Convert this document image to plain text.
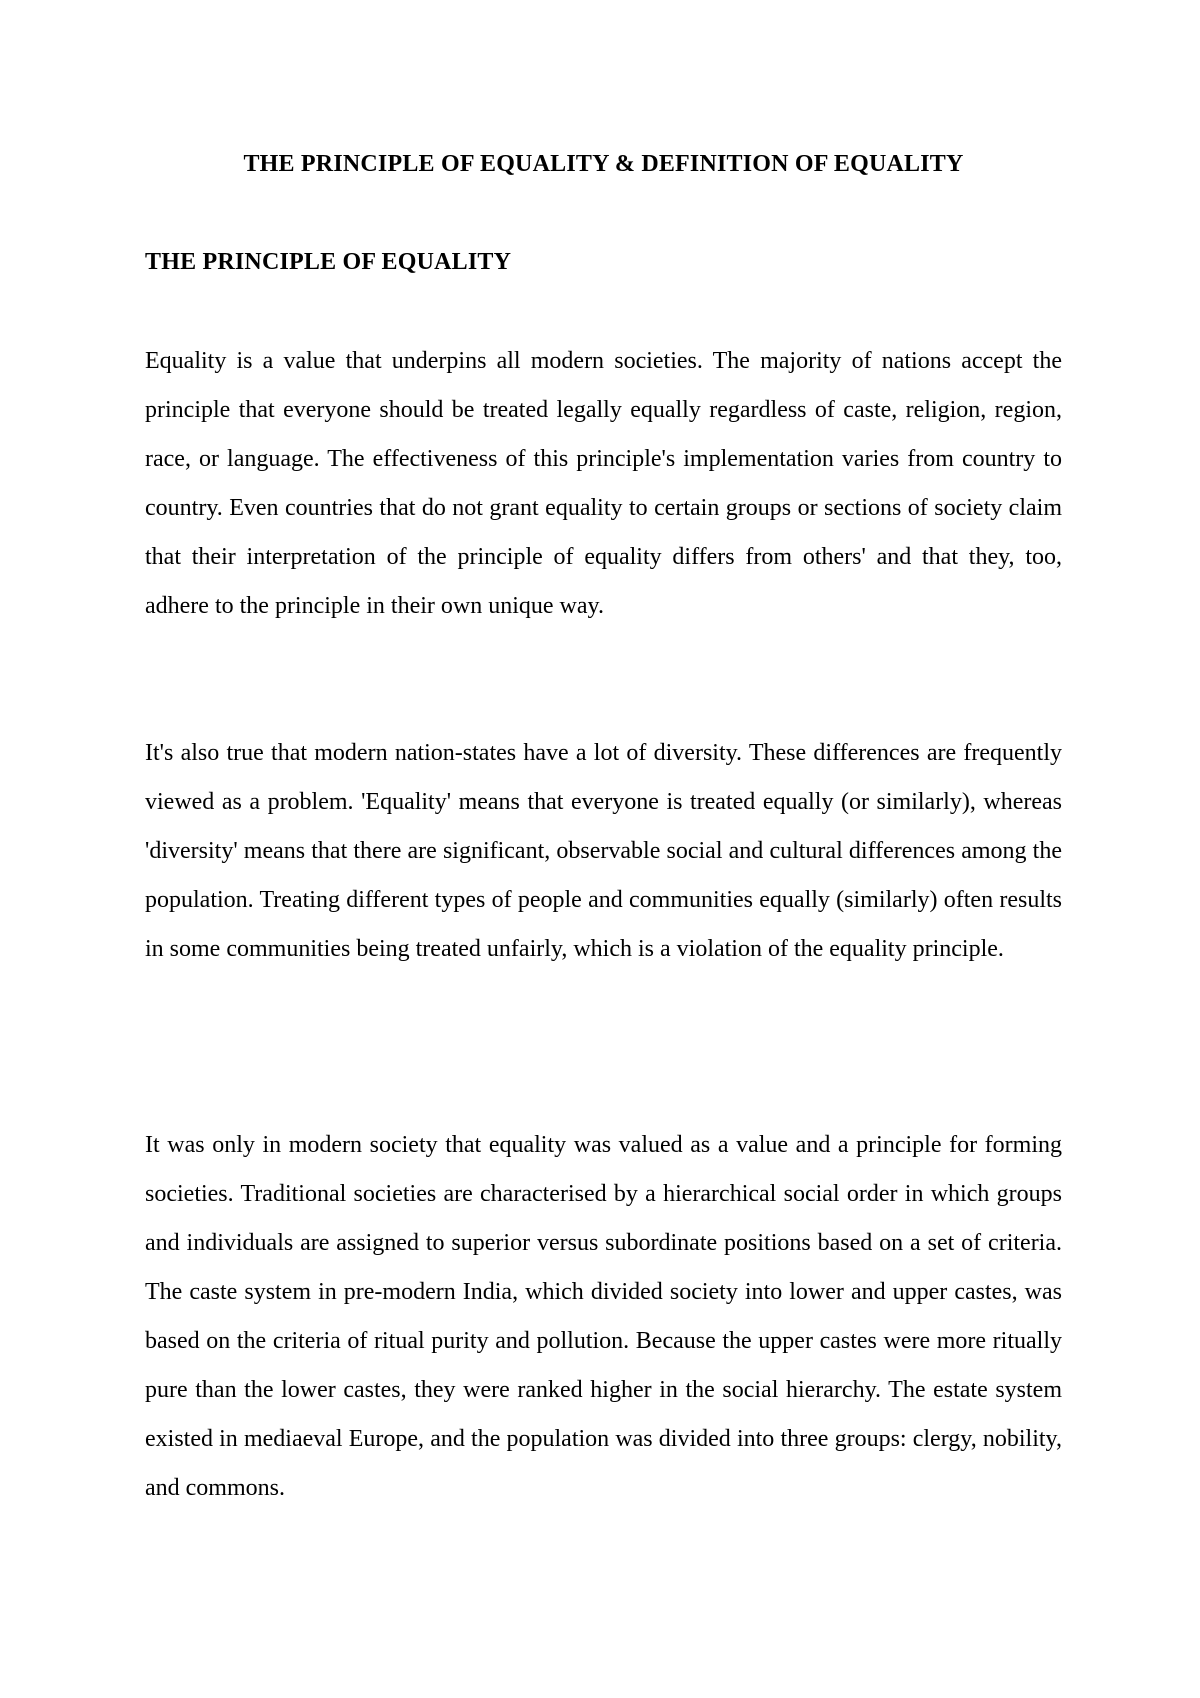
THE PRINCIPLE OF EQUALITY & DEFINITION OF EQUALITY
THE PRINCIPLE OF EQUALITY

Equality is a value that underpins all modern societies. The majority of nations accept the principle that everyone should be treated legally equally regardless of caste, religion, region, race, or language. The effectiveness of this principle's implementation varies from country to country. Even countries that do not grant equality to certain groups or sections of society claim that their interpretation of the principle of equality differs from others' and that they, too, adhere to the principle in their own unique way.

It's also true that modern nation-states have a lot of diversity. These differences are frequently viewed as a problem. 'Equality' means that everyone is treated equally (or similarly), whereas 'diversity' means that there are significant, observable social and cultural differences among the population. Treating different types of people and communities equally (similarly) often results in some communities being treated unfairly, which is a violation of the equality principle.

It was only in modern society that equality was valued as a value and a principle for forming societies. Traditional societies are characterised by a hierarchical social order in which groups and individuals are assigned to superior versus subordinate positions based on a set of criteria. The caste system in pre-modern India, which divided society into lower and upper castes, was based on the criteria of ritual purity and pollution. Because the upper castes were more ritually pure than the lower castes, they were ranked higher in the social hierarchy. The estate system existed in mediaeval Europe, and the population was divided into three groups: clergy, nobility, and commons.
